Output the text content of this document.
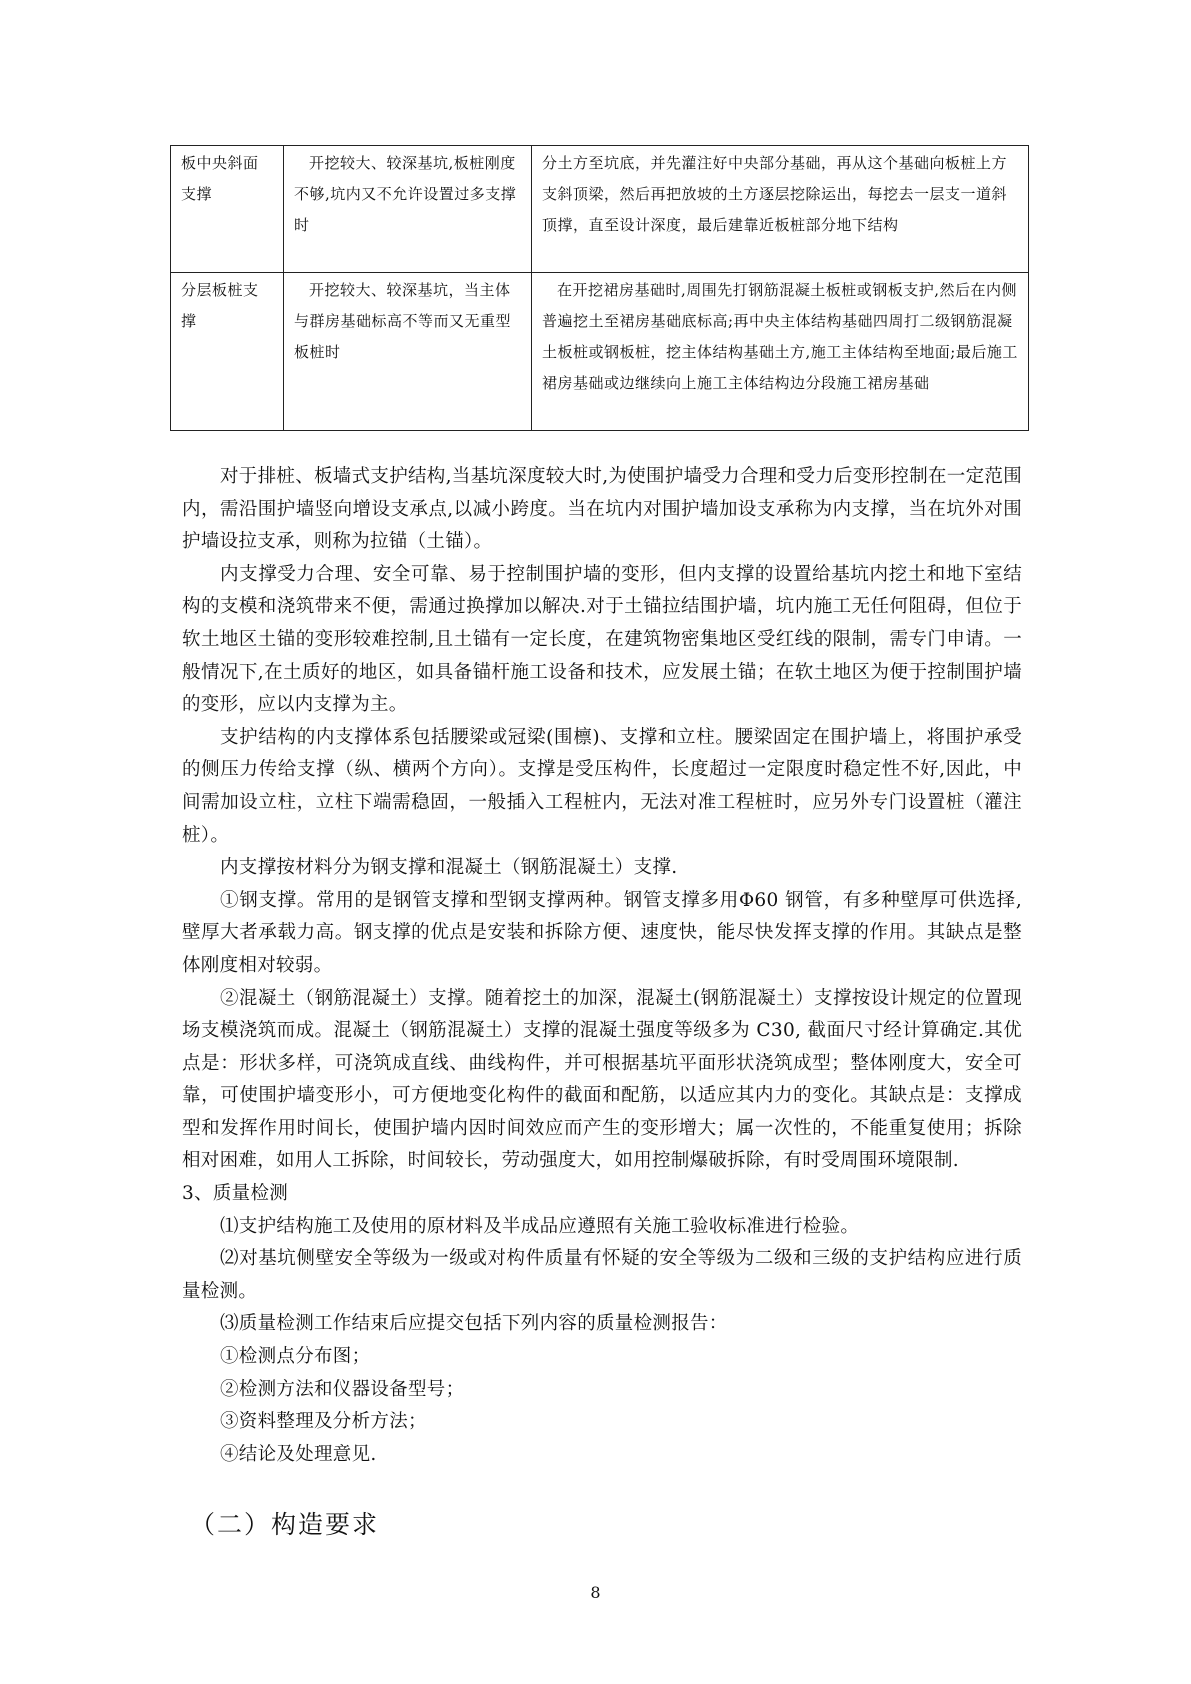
板中央斜面支撑	开挖较大、较深基坑,板桩刚度不够,坑内又不允许设置过多支撑时	分土方至坑底，并先灌注好中央部分基础，再从这个基础向板桩上方支斜顶梁，然后再把放坡的土方逐层挖除运出，每挖去一层支一道斜顶撑，直至设计深度，最后建靠近板桩部分地下结构
分层板桩支撑	开挖较大、较深基坑，当主体与群房基础标高不等而又无重型板桩时	在开挖裙房基础时,周围先打钢筋混凝土板桩或钢板支护,然后在内侧普遍挖土至裙房基础底标高;再中央主体结构基础四周打二级钢筋混凝土板桩或钢板桩，挖主体结构基础土方,施工主体结构至地面;最后施工裙房基础或边继续向上施工主体结构边分段施工裙房基础

对于排桩、板墙式支护结构,当基坑深度较大时,为使围护墙受力合理和受力后变形控制在一定范围内，需沿围护墙竖向增设支承点,以减小跨度。当在坑内对围护墙加设支承称为内支撑，当在坑外对围护墙设拉支承，则称为拉锚（土锚）。

内支撑受力合理、安全可靠、易于控制围护墙的变形，但内支撑的设置给基坑内挖土和地下室结构的支模和浇筑带来不便，需通过换撑加以解决.对于土锚拉结围护墙，坑内施工无任何阻碍，但位于软土地区土锚的变形较难控制,且土锚有一定长度，在建筑物密集地区受红线的限制，需专门申请。一般情况下,在土质好的地区，如具备锚杆施工设备和技术，应发展土锚；在软土地区为便于控制围护墙的变形，应以内支撑为主。

支护结构的内支撑体系包括腰梁或冠梁(围檩)、支撑和立柱。腰梁固定在围护墙上，将围护承受的侧压力传给支撑（纵、横两个方向）。支撑是受压构件，长度超过一定限度时稳定性不好,因此，中间需加设立柱，立柱下端需稳固，一般插入工程桩内，无法对准工程桩时，应另外专门设置桩（灌注桩）。

内支撑按材料分为钢支撑和混凝土（钢筋混凝土）支撑.

①钢支撑。常用的是钢管支撑和型钢支撑两种。钢管支撑多用Φ60 钢管，有多种壁厚可供选择,壁厚大者承载力高。钢支撑的优点是安装和拆除方便、速度快，能尽快发挥支撑的作用。其缺点是整体刚度相对较弱。

②混凝土（钢筋混凝土）支撑。随着挖土的加深，混凝土(钢筋混凝土）支撑按设计规定的位置现场支模浇筑而成。混凝土（钢筋混凝土）支撑的混凝土强度等级多为 C30, 截面尺寸经计算确定.其优点是：形状多样，可浇筑成直线、曲线构件，并可根据基坑平面形状浇筑成型；整体刚度大，安全可靠，可使围护墙变形小，可方便地变化构件的截面和配筋，以适应其内力的变化。其缺点是：支撑成型和发挥作用时间长，使围护墙内因时间效应而产生的变形增大；属一次性的，不能重复使用；拆除相对困难，如用人工拆除，时间较长，劳动强度大，如用控制爆破拆除，有时受周围环境限制.

3、质量检测

⑴支护结构施工及使用的原材料及半成品应遵照有关施工验收标准进行检验。

⑵对基坑侧壁安全等级为一级或对构件质量有怀疑的安全等级为二级和三级的支护结构应进行质量检测。

⑶质量检测工作结束后应提交包括下列内容的质量检测报告：

①检测点分布图；

②检测方法和仪器设备型号；

③资料整理及分析方法；

④结论及处理意见.

（二）构造要求
8
